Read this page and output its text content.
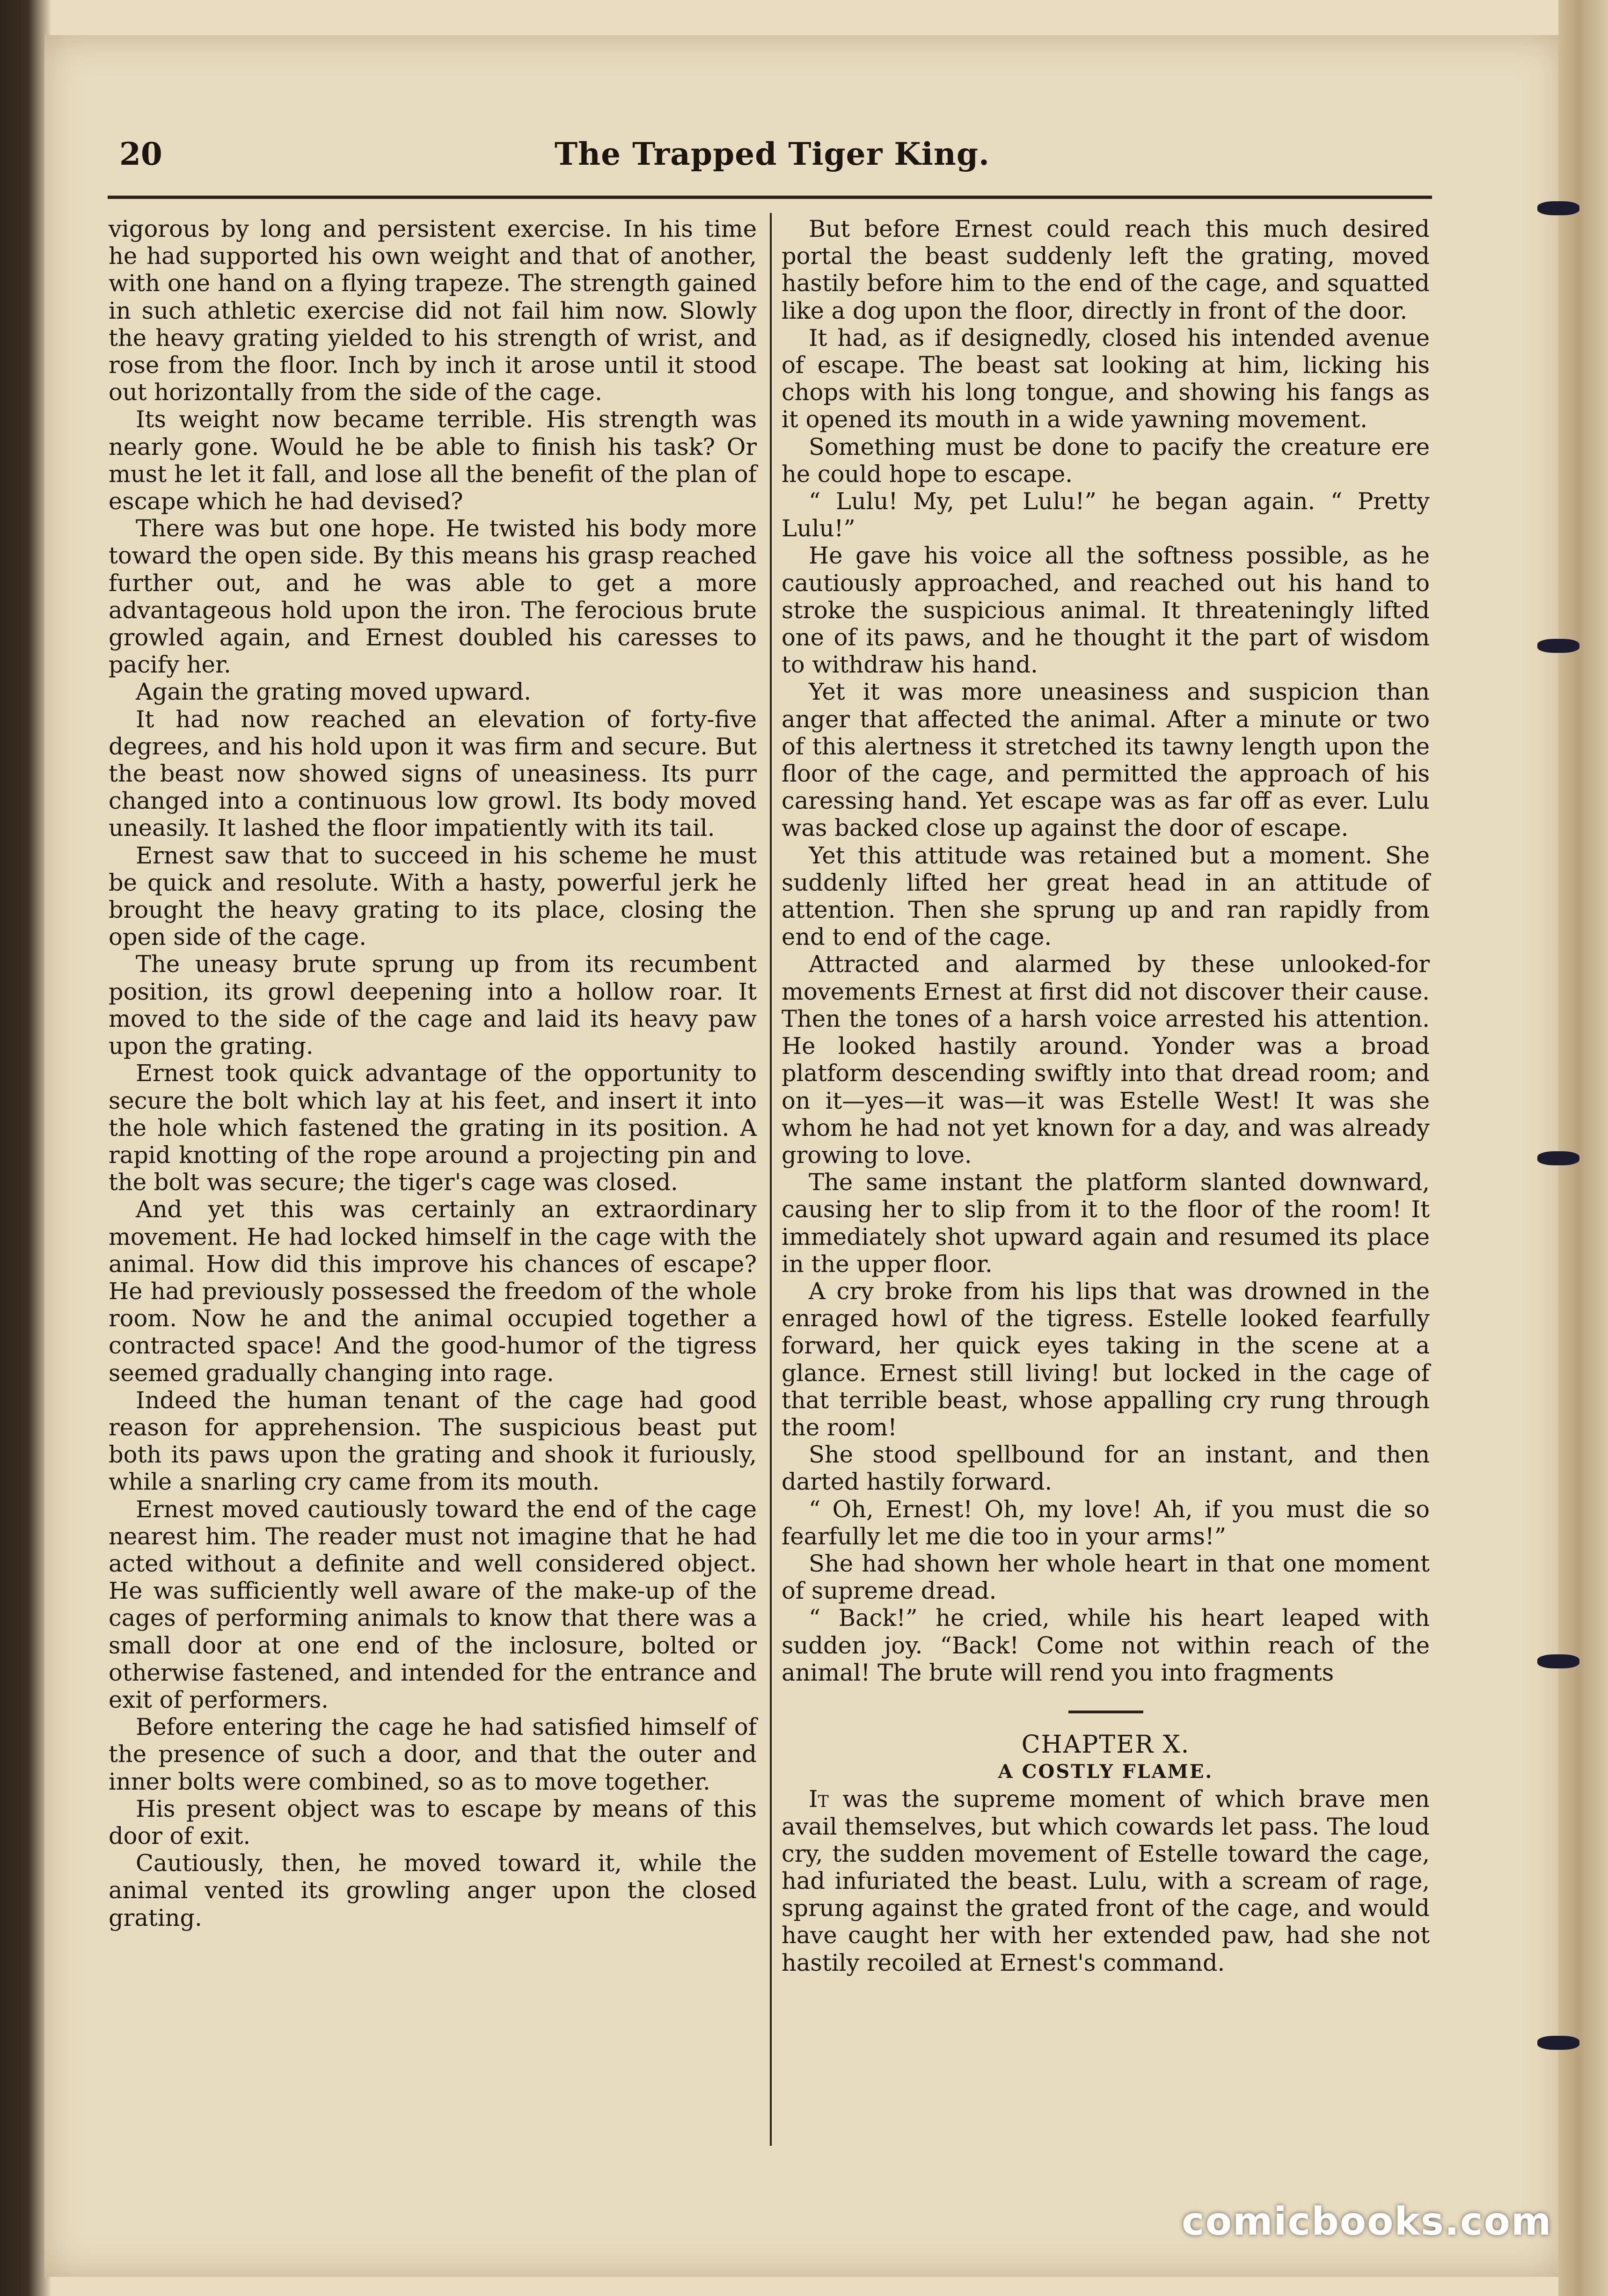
20	The Trapped Tiger King.

vigorous by long and persistent exercise. In his time he had supported his own weight and that of another, with one hand on a flying trapeze. The strength gained in such athletic exercise did not fail him now. Slowly the heavy grating yielded to his strength of wrist, and rose from the floor. Inch by inch it arose until it stood out horizontally from the side of the cage.

Its weight now became terrible. His strength was nearly gone. Would he be able to finish his task? Or must he let it fall, and lose all the benefit of the plan of escape which he had devised?

There was but one hope. He twisted his body more toward the open side. By this means his grasp reached further out, and he was able to get a more advantageous hold upon the iron. The ferocious brute growled again, and Ernest doubled his caresses to pacify her.

Again the grating moved upward.

It had now reached an elevation of forty-five degrees, and his hold upon it was firm and secure. But the beast now showed signs of uneasiness. Its purr changed into a continuous low growl. Its body moved uneasily. It lashed the floor impatiently with its tail.

Ernest saw that to succeed in his scheme he must be quick and resolute. With a hasty, powerful jerk he brought the heavy grating to its place, closing the open side of the cage.

The uneasy brute sprung up from its recumbent position, its growl deepening into a hollow roar. It moved to the side of the cage and laid its heavy paw upon the grating.

Ernest took quick advantage of the opportunity to secure the bolt which lay at his feet, and insert it into the hole which fastened the grating in its position. A rapid knotting of the rope around a projecting pin and the bolt was secure; the tiger's cage was closed.

And yet this was certainly an extraordinary movement. He had locked himself in the cage with the animal. How did this improve his chances of escape? He had previously possessed the freedom of the whole room. Now he and the animal occupied together a contracted space! And the good-humor of the tigress seemed gradually changing into rage.

Indeed the human tenant of the cage had good reason for apprehension. The suspicious beast put both its paws upon the grating and shook it furiously, while a snarling cry came from its mouth.

Ernest moved cautiously toward the end of the cage nearest him. The reader must not imagine that he had acted without a definite and well considered object. He was sufficiently well aware of the make-up of the cages of performing animals to know that there was a small door at one end of the inclosure, bolted or otherwise fastened, and intended for the entrance and exit of performers.

Before entering the cage he had satisfied himself of the presence of such a door, and that the outer and inner bolts were combined, so as to move together.

His present object was to escape by means of this door of exit.

Cautiously, then, he moved toward it, while the animal vented its growling anger upon the closed grating.

But before Ernest could reach this much desired portal the beast suddenly left the grating, moved hastily before him to the end of the cage, and squatted like a dog upon the floor, directly in front of the door.

It had, as if designedly, closed his intended avenue of escape. The beast sat looking at him, licking his chops with his long tongue, and showing his fangs as it opened its mouth in a wide yawning movement.

Something must be done to pacify the creature ere he could hope to escape.

“ Lulu! My, pet Lulu!” he began again. “ Pretty Lulu!”

He gave his voice all the softness possible, as he cautiously approached, and reached out his hand to stroke the suspicious animal. It threateningly lifted one of its paws, and he thought it the part of wisdom to withdraw his hand.

Yet it was more uneasiness and suspicion than anger that affected the animal. After a minute or two of this alertness it stretched its tawny length upon the floor of the cage, and permitted the approach of his caressing hand. Yet escape was as far off as ever. Lulu was backed close up against the door of escape.

Yet this attitude was retained but a moment. She suddenly lifted her great head in an attitude of attention. Then she sprung up and ran rapidly from end to end of the cage.

Attracted and alarmed by these unlooked-for movements Ernest at first did not discover their cause. Then the tones of a harsh voice arrested his attention. He looked hastily around. Yonder was a broad platform descending swiftly into that dread room; and on it—yes—it was—it was Estelle West! It was she whom he had not yet known for a day, and was already growing to love.

The same instant the platform slanted downward, causing her to slip from it to the floor of the room! It immediately shot upward again and resumed its place in the upper floor.

A cry broke from his lips that was drowned in the enraged howl of the tigress. Estelle looked fearfully forward, her quick eyes taking in the scene at a glance. Ernest still living! but locked in the cage of that terrible beast, whose appalling cry rung through the room!

She stood spellbound for an instant, and then darted hastily forward.

“ Oh, Ernest! Oh, my love! Ah, if you must die so fearfully let me die too in your arms!”

She had shown her whole heart in that one moment of supreme dread.

“ Back!” he cried, while his heart leaped with sudden joy. “Back! Come not within reach of the animal! The brute will rend you into fragments

CHAPTER X.
A COSTLY FLAME.

It was the supreme moment of which brave men avail themselves, but which cowards let pass. The loud cry, the sudden movement of Estelle toward the cage, had infuriated the beast. Lulu, with a scream of rage, sprung against the grated front of the cage, and would have caught her with her extended paw, had she not hastily recoiled at Ernest's command.

comicbooks.com
